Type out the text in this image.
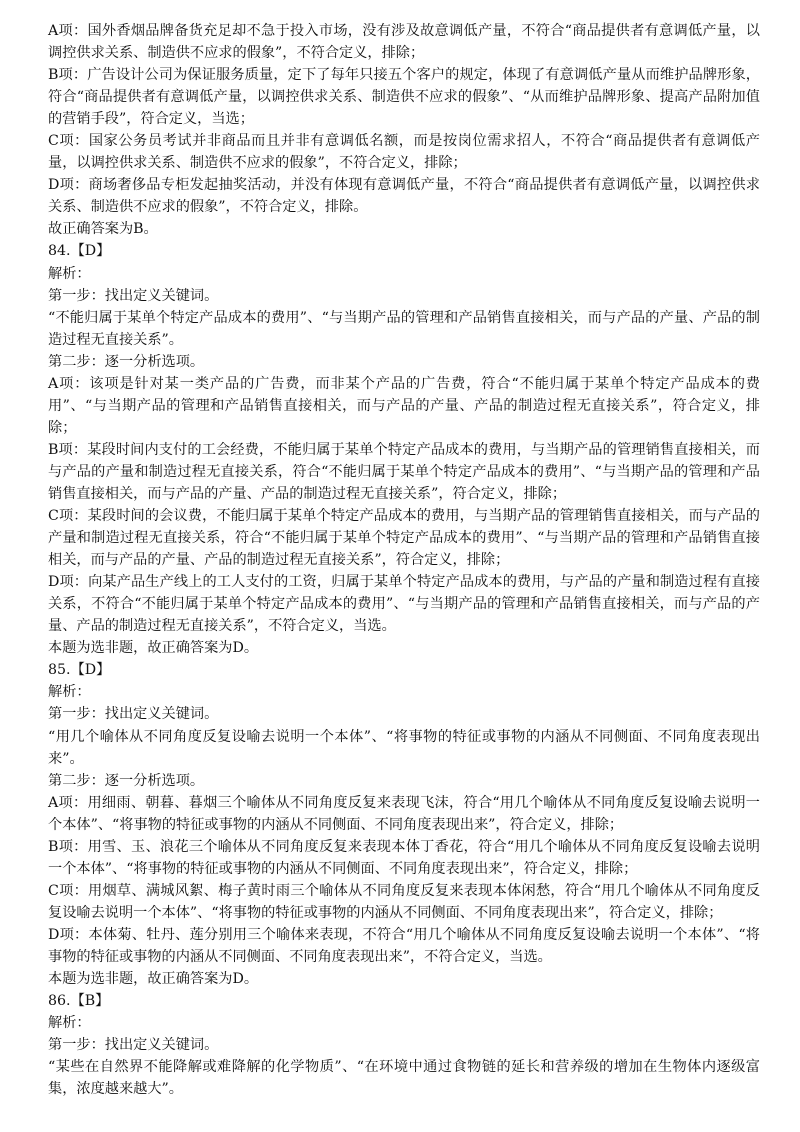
A项：国外香烟品牌备货充足却不急于投入市场，没有涉及故意调低产量，不符合“商品提供者有意调低产量，以调控供求关系、制造供不应求的假象”，不符合定义，排除；

B项：广告设计公司为保证服务质量，定下了每年只接五个客户的规定，体现了有意调低产量从而维护品牌形象，符合“商品提供者有意调低产量，以调控供求关系、制造供不应求的假象”、“从而维护品牌形象、提高产品附加值的营销手段”，符合定义，当选；

C项：国家公务员考试并非商品而且并非有意调低名额，而是按岗位需求招人，不符合“商品提供者有意调低产量，以调控供求关系、制造供不应求的假象”，不符合定义，排除；

D项：商场奢侈品专柜发起抽奖活动，并没有体现有意调低产量，不符合“商品提供者有意调低产量，以调控供求关系、制造供不应求的假象”，不符合定义，排除。

故正确答案为B。

84.【D】

解析：

第一步：找出定义关键词。

“不能归属于某单个特定产品成本的费用”、“与当期产品的管理和产品销售直接相关，而与产品的产量、产品的制造过程无直接关系”。

第二步：逐一分析选项。

A项：该项是针对某一类产品的广告费，而非某个产品的广告费，符合“不能归属于某单个特定产品成本的费用”、“与当期产品的管理和产品销售直接相关，而与产品的产量、产品的制造过程无直接关系”，符合定义，排除；

B项：某段时间内支付的工会经费，不能归属于某单个特定产品成本的费用，与当期产品的管理销售直接相关，而与产品的产量和制造过程无直接关系，符合“不能归属于某单个特定产品成本的费用”、“与当期产品的管理和产品销售直接相关，而与产品的产量、产品的制造过程无直接关系”，符合定义，排除；

C项：某段时间的会议费，不能归属于某单个特定产品成本的费用，与当期产品的管理销售直接相关，而与产品的产量和制造过程无直接关系，符合“不能归属于某单个特定产品成本的费用”、“与当期产品的管理和产品销售直接相关，而与产品的产量、产品的制造过程无直接关系”，符合定义，排除；

D项：向某产品生产线上的工人支付的工资，归属于某单个特定产品成本的费用，与产品的产量和制造过程有直接关系，不符合“不能归属于某单个特定产品成本的费用”、“与当期产品的管理和产品销售直接相关，而与产品的产量、产品的制造过程无直接关系”，不符合定义，当选。

本题为选非题，故正确答案为D。

85.【D】

解析：

第一步：找出定义关键词。

“用几个喻体从不同角度反复设喻去说明一个本体”、“将事物的特征或事物的内涵从不同侧面、不同角度表现出来”。

第二步：逐一分析选项。

A项：用细雨、朝暮、暮烟三个喻体从不同角度反复来表现飞沫，符合“用几个喻体从不同角度反复设喻去说明一个本体”、“将事物的特征或事物的内涵从不同侧面、不同角度表现出来”，符合定义，排除；

B项：用雪、玉、浪花三个喻体从不同角度反复来表现本体丁香花，符合“用几个喻体从不同角度反复设喻去说明一个本体”、“将事物的特征或事物的内涵从不同侧面、不同角度表现出来”，符合定义，排除；

C项：用烟草、满城风絮、梅子黄时雨三个喻体从不同角度反复来表现本体闲愁，符合“用几个喻体从不同角度反复设喻去说明一个本体”、“将事物的特征或事物的内涵从不同侧面、不同角度表现出来”，符合定义，排除；

D项：本体菊、牡丹、莲分别用三个喻体来表现，不符合“用几个喻体从不同角度反复设喻去说明一个本体”、“将事物的特征或事物的内涵从不同侧面、不同角度表现出来”，不符合定义，当选。

本题为选非题，故正确答案为D。

86.【B】

解析：

第一步：找出定义关键词。

“某些在自然界不能降解或难降解的化学物质”、“在环境中通过食物链的延长和营养级的增加在生物体内逐级富集，浓度越来越大”。
